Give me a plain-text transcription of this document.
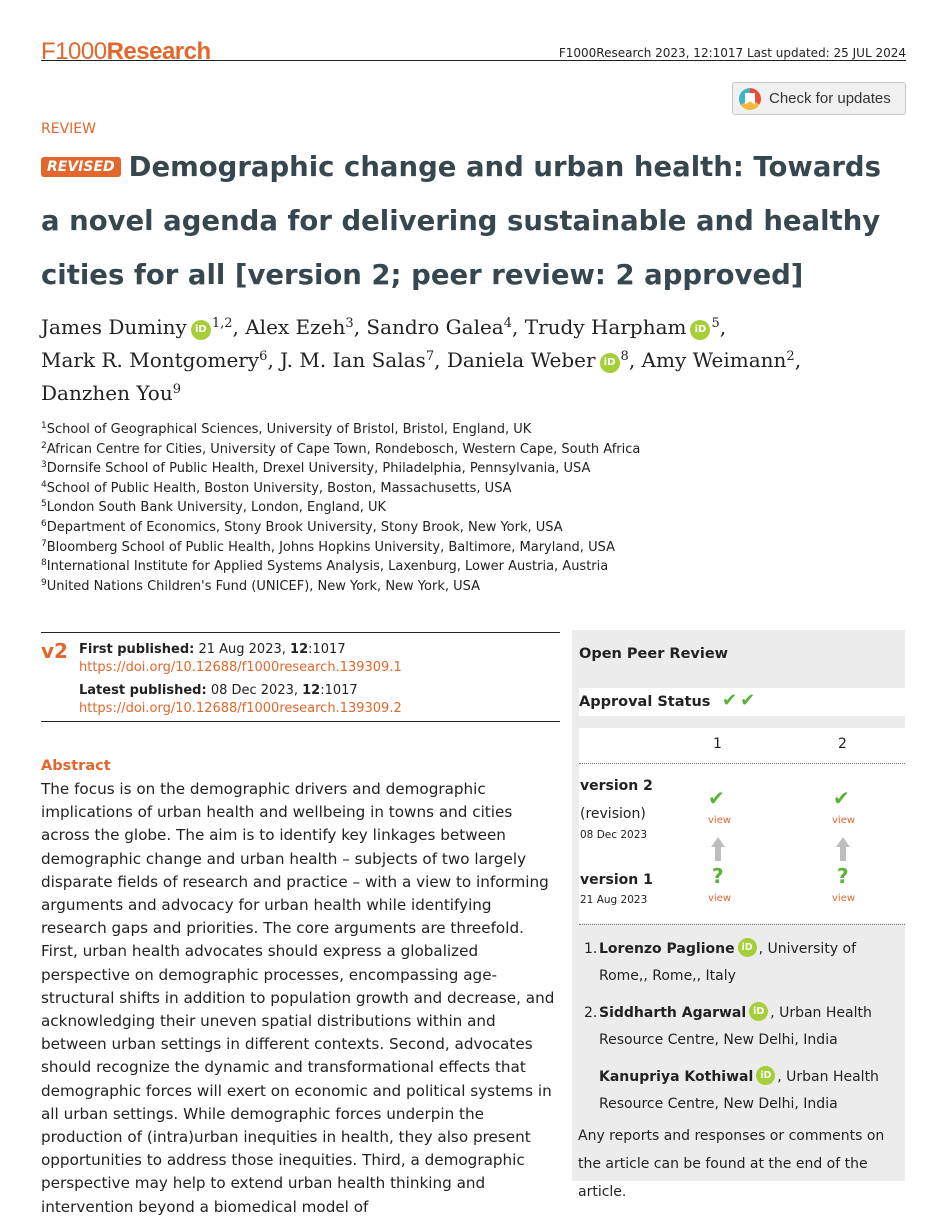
F1000Research	F1000Research 2023, 12:1017 Last updated: 25 JUL 2024
Check for updates
REVIEW
REVISED Demographic change and urban health: Towards a novel agenda for delivering sustainable and healthy cities for all [version 2; peer review: 2 approved]
James Duminy iD $^{1,2}$, Alex Ezeh$^3$, Sandro Galea$^4$, Trudy Harpham iD $^5$,
Mark R. Montgomery$^6$, J. M. Ian Salas$^7$, Daniela Weber iD $^8$, Amy Weimann$^2$,
Danzhen You$^9$
$^1$School of Geographical Sciences, University of Bristol, Bristol, England, UK
$^2$African Centre for Cities, University of Cape Town, Rondebosch, Western Cape, South Africa
$^3$Dornsife School of Public Health, Drexel University, Philadelphia, Pennsylvania, USA
$^4$School of Public Health, Boston University, Boston, Massachusetts, USA
$^5$London South Bank University, London, England, UK
$^6$Department of Economics, Stony Brook University, Stony Brook, New York, USA
$^7$Bloomberg School of Public Health, Johns Hopkins University, Baltimore, Maryland, USA
$^8$International Institute for Applied Systems Analysis, Laxenburg, Lower Austria, Austria
$^9$United Nations Children's Fund (UNICEF), New York, New York, USA
v2 First published: 21 Aug 2023, 12:1017
https://doi.org/10.12688/f1000research.139309.1
Latest published: 08 Dec 2023, 12:1017
https://doi.org/10.12688/f1000research.139309.2
Abstract
The focus is on the demographic drivers and demographic implications of urban health and wellbeing in towns and cities across the globe. The aim is to identify key linkages between demographic change and urban health – subjects of two largely disparate fields of research and practice – with a view to informing arguments and advocacy for urban health while identifying research gaps and priorities. The core arguments are threefold. First, urban health advocates should express a globalized perspective on demographic processes, encompassing age-structural shifts in addition to population growth and decrease, and acknowledging their uneven spatial distributions within and between urban settings in different contexts. Second, advocates should recognize the dynamic and transformational effects that demographic forces will exert on economic and political systems in all urban settings. While demographic forces underpin the production of (intra)urban inequities in health, they also present opportunities to address those inequities. Third, a demographic perspective may help to extend urban health thinking and intervention beyond a biomedical model of
Open Peer Review
Approval Status ✔✔
1	2
version 2
(revision)
08 Dec 2023
✔	✔
view	view
version 1
21 Aug 2023
?	?
view	view
1. Lorenzo Paglione iD , University of Rome,, Rome,, Italy
2. Siddharth Agarwal iD , Urban Health Resource Centre, New Delhi, India
Kanupriya Kothiwal iD , Urban Health Resource Centre, New Delhi, India
Any reports and responses or comments on the article can be found at the end of the article.
